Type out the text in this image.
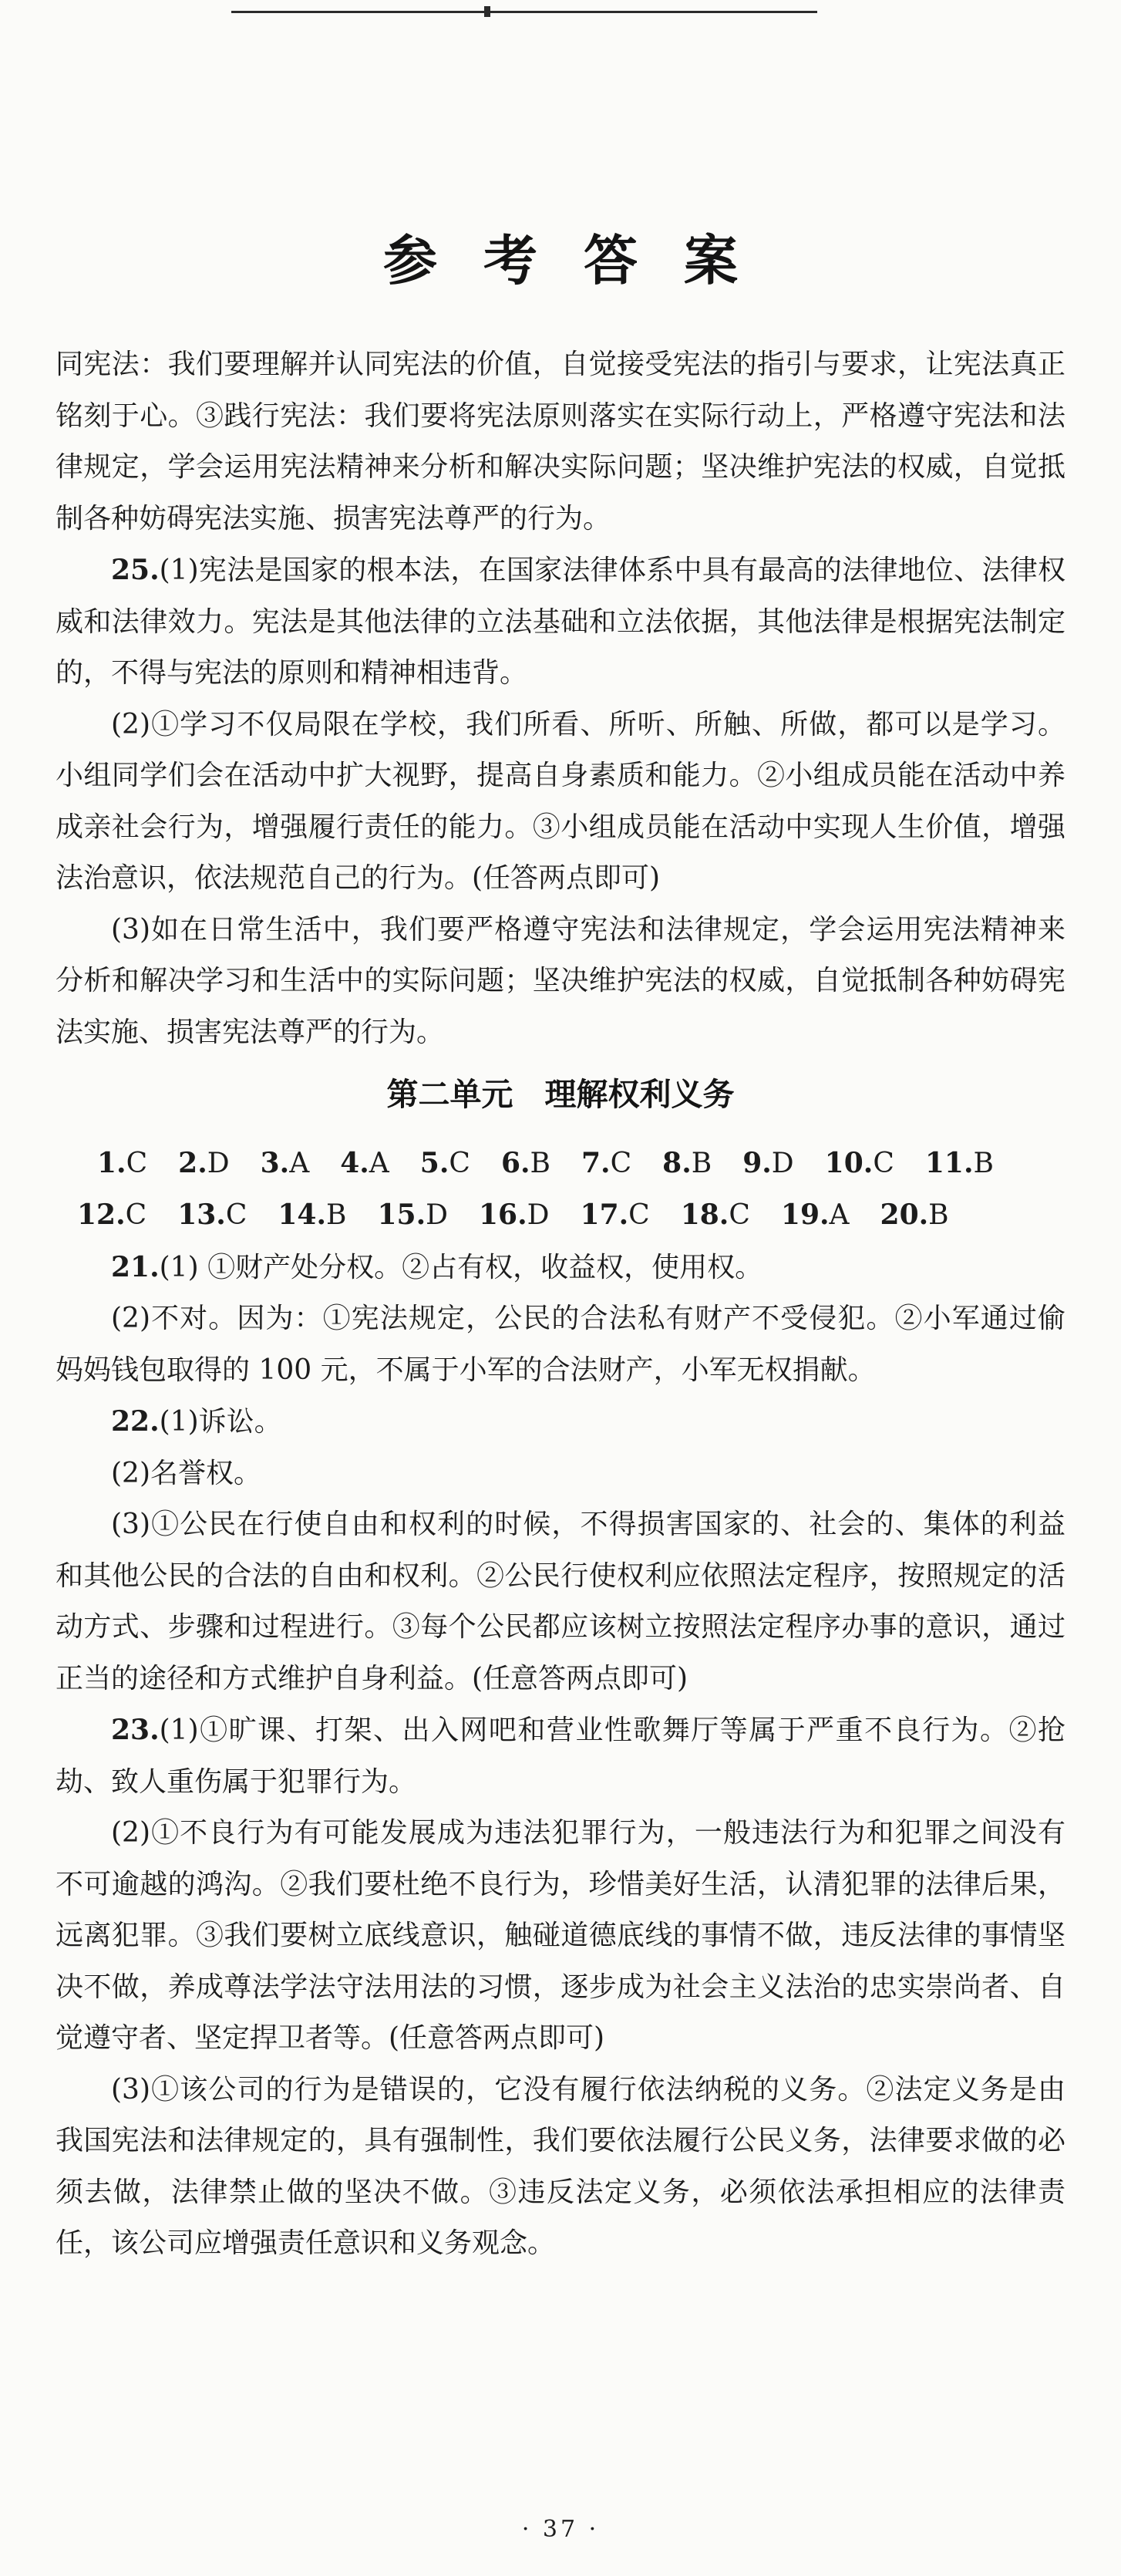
参考答案

同宪法：我们要理解并认同宪法的价值，自觉接受宪法的指引与要求，让宪法真正铭刻于心。③践行宪法：我们要将宪法原则落实在实际行动上，严格遵守宪法和法律规定，学会运用宪法精神来分析和解决实际问题；坚决维护宪法的权威，自觉抵制各种妨碍宪法实施、损害宪法尊严的行为。

25.(1)宪法是国家的根本法，在国家法律体系中具有最高的法律地位、法律权威和法律效力。宪法是其他法律的立法基础和立法依据，其他法律是根据宪法制定的，不得与宪法的原则和精神相违背。

(2)①学习不仅局限在学校，我们所看、所听、所触、所做，都可以是学习。小组同学们会在活动中扩大视野，提高自身素质和能力。②小组成员能在活动中养成亲社会行为，增强履行责任的能力。③小组成员能在活动中实现人生价值，增强法治意识，依法规范自己的行为。(任答两点即可)

(3)如在日常生活中，我们要严格遵守宪法和法律规定，学会运用宪法精神来分析和解决学习和生活中的实际问题；坚决维护宪法的权威，自觉抵制各种妨碍宪法实施、损害宪法尊严的行为。

第二单元　理解权利义务

1.C 2.D 3.A 4.A 5.C 6.B 7.C 8.B 9.D 10.C 11.B

12.C 13.C 14.B 15.D 16.D 17.C 18.C 19.A 20.B

21.(1) ①财产处分权。②占有权，收益权，使用权。

(2)不对。因为：①宪法规定，公民的合法私有财产不受侵犯。②小军通过偷妈妈钱包取得的 100 元，不属于小军的合法财产，小军无权捐献。

22.(1)诉讼。

(2)名誉权。

(3)①公民在行使自由和权利的时候，不得损害国家的、社会的、集体的利益和其他公民的合法的自由和权利。②公民行使权利应依照法定程序，按照规定的活动方式、步骤和过程进行。③每个公民都应该树立按照法定程序办事的意识，通过正当的途径和方式维护自身利益。(任意答两点即可)

23.(1)①旷课、打架、出入网吧和营业性歌舞厅等属于严重不良行为。②抢劫、致人重伤属于犯罪行为。

(2)①不良行为有可能发展成为违法犯罪行为，一般违法行为和犯罪之间没有不可逾越的鸿沟。②我们要杜绝不良行为，珍惜美好生活，认清犯罪的法律后果，远离犯罪。③我们要树立底线意识，触碰道德底线的事情不做，违反法律的事情坚决不做，养成尊法学法守法用法的习惯，逐步成为社会主义法治的忠实崇尚者、自觉遵守者、坚定捍卫者等。(任意答两点即可)

(3)①该公司的行为是错误的，它没有履行依法纳税的义务。②法定义务是由我国宪法和法律规定的，具有强制性，我们要依法履行公民义务，法律要求做的必须去做，法律禁止做的坚决不做。③违反法定义务，必须依法承担相应的法律责任，该公司应增强责任意识和义务观念。

· 37 ·
